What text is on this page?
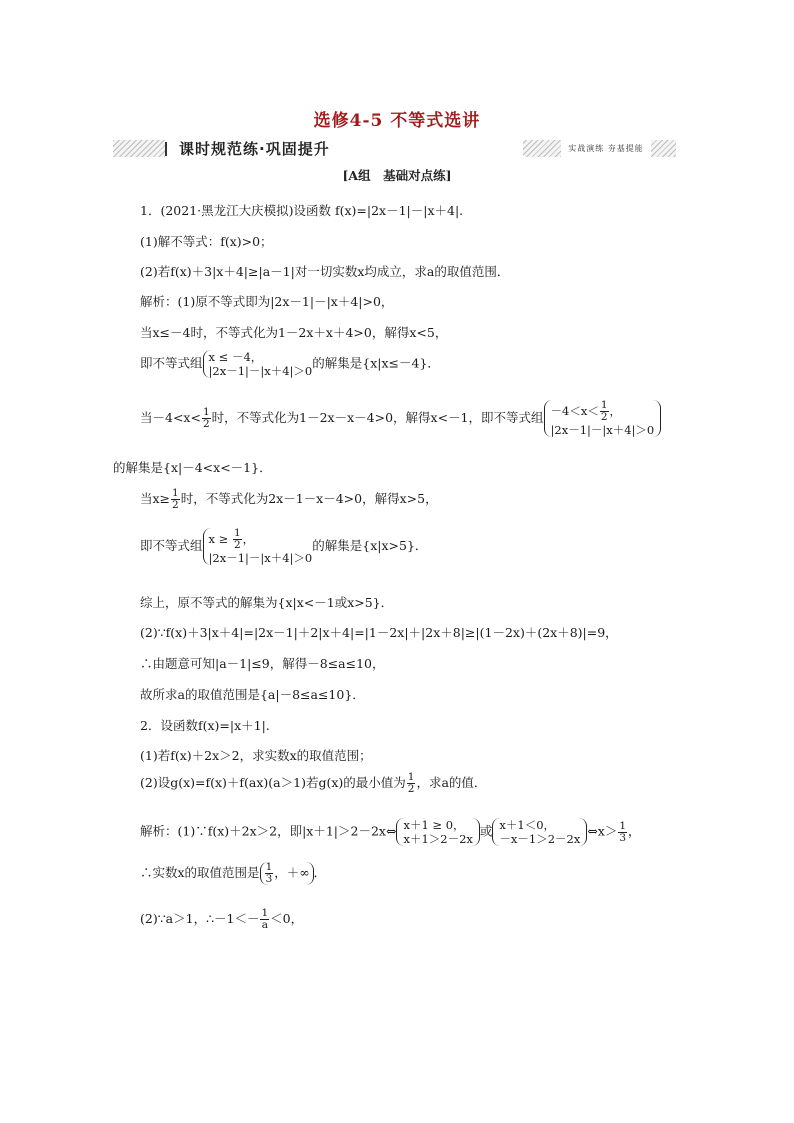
选修4-5 不等式选讲
课时规范练·巩固提升	实战演练 夯基提能
[A组　基础对点练]
1．(2021·黑龙江大庆模拟)设函数 f(x)=|2x－1|－|x＋4|.
(1)解不等式：f(x)>0；
(2)若f(x)＋3|x＋4|≥|a－1|对一切实数x均成立，求a的取值范围．
解析：(1)原不等式即为|2x－1|－|x＋4|>0，
当x≤－4时，不等式化为1－2x＋x＋4>0，解得x<5，
即不等式组 x ≤ －4，
|2x－1|－|x＋4|＞0的解集是{x|x≤－4}．
当$-4<x< \frac{1}{2}$ 时，不等式化为1－2x－x－4>0，解得x<－1，即不等式组 $-4<x< \frac{1}{2}$ ，
|2x－1|－|x＋4|＞0
的解集是{x|－4<x<－1}．
当$x\ge \frac{1}{2}$ 时，不等式化为2x－1－x－4>0，解得x>5，
即不等式组 $x \ge \frac{1}{2}$ ，
|2x－1|－|x＋4|＞0的解集是{x|x>5}．
综上，原不等式的解集为{x|x<－1或x>5}．
(2)∵f(x)＋3|x＋4|=|2x－1|＋2|x＋4|=|1－2x|＋|2x＋8|≥|(1－2x)＋(2x＋8)|=9，
∴由题意可知|a－1|≤9，解得－8≤a≤10，
故所求a的取值范围是{a|－8≤a≤10}．
2．设函数f(x)=|x＋1|.
(1)若f(x)＋2x＞2，求实数x的取值范围；
(2)设g(x)=f(x)＋f(ax)(a＞1)若g(x)的最小值为 $\frac{1}{2}$ ，求a的值．
解析：(1)∵f(x)＋2x＞2，即|x＋1|＞2－2x⇔ x＋1 ≥ 0，
x＋1＞2－2x或 x＋1＜0，
－x－1＞2－2x⇔x＞ $\frac{1}{3}$ ，
∴实数x的取值范围是 $\frac{1}{3}$ ，＋∞ ．
(2)∵a＞1，∴－1＜－ $\frac{1}{a} <0$，
